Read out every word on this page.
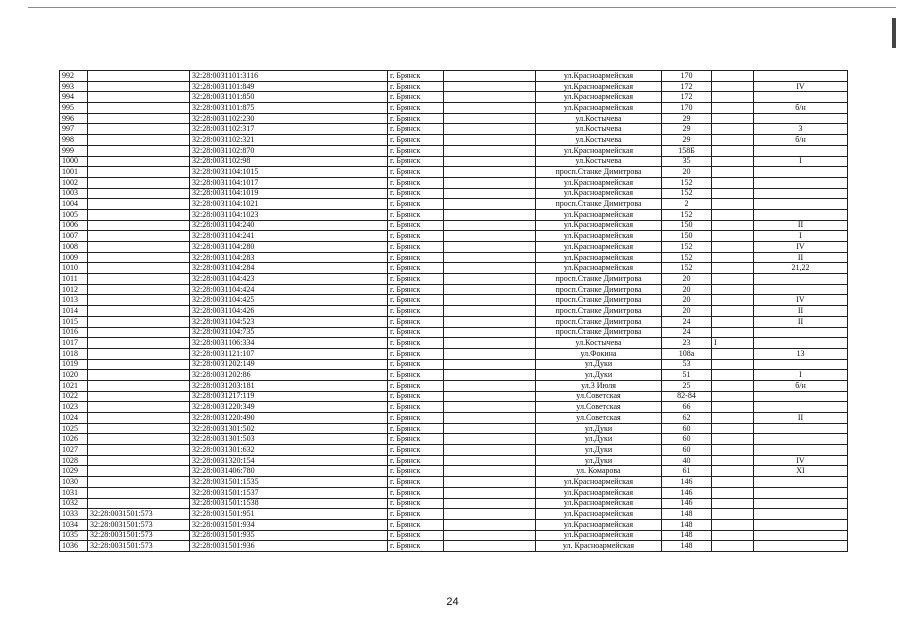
992		32:28:0031101:3116	г. Брянск		ул.Красноармейская	170		
993		32:28:0031101:849	г. Брянск		ул.Красноармейская	172		IV
994		32:28:0031101:850	г. Брянск		ул.Красноармейская	172		
995		32:28:0031101:875	г. Брянск		ул.Красноармейская	170		б/н
996		32:28:0031102:230	г. Брянск		ул.Костычева	29		
997		32:28:0031102:317	г. Брянск		ул.Костычева	29		3
998		32:28:0031102:321	г. Брянск		ул.Костычева	29		б/н
999		32:28:0031102:870	г. Брянск		ул.Красноармейская	158Б		
1000		32:28:0031102:98	г. Брянск		ул.Костычева	35		I
1001		32:28:0031104:1015	г. Брянск		просп.Станке Димитрова	20		
1002		32:28:0031104:1017	г. Брянск		ул.Красноармейская	152		
1003		32:28:0031104:1019	г. Брянск		ул.Красноармейская	152		
1004		32:28:0031104:1021	г. Брянск		просп.Станке Димитрова	2		
1005		32:28:0031104:1023	г. Брянск		ул.Красноармейская	152		
1006		32:28:0031104:240	г. Брянск		ул.Красноармейская	150		II
1007		32:28:0031104:241	г. Брянск		ул.Красноармейская	150		I
1008		32:28:0031104:280	г. Брянск		ул.Красноармейская	152		IV
1009		32:28:0031104:283	г. Брянск		ул.Красноармейская	152		II
1010		32:28:0031104:284	г. Брянск		ул.Красноармейская	152		21,22
1011		32:28:0031104:423	г. Брянск		просп.Станке Димитрова	20		
1012		32:28:0031104:424	г. Брянск		просп.Станке Димитрова	20		
1013		32:28:0031104:425	г. Брянск		просп.Станке Димитрова	20		IV
1014		32:28:0031104:426	г. Брянск		просп.Станке Димитрова	20		II
1015		32:28:0031104:523	г. Брянск		просп.Станке Димитрова	24		II
1016		32:28:0031104:735	г. Брянск		просп.Станке Димитрова	24		
1017		32:28:0031106:334	г. Брянск		ул.Костычева	23	I	
1018		32:28:0031121:107	г. Брянск		ул.Фокина	108а		13
1019		32:28:0031202:149	г. Брянск		ул.Дуки	53		
1020		32:28:0031202:86	г. Брянск		ул.Дуки	51		I
1021		32:28:0031203:181	г. Брянск		ул.3 Июля	25		б/н
1022		32:28:0031217:119	г. Брянск		ул.Советская	82-84		
1023		32:28:0031220:349	г. Брянск		ул.Советская	66		
1024		32:28:0031220:490	г. Брянск		ул.Советская	62		II
1025		32:28:0031301:502	г. Брянск		ул.Дуки	60		
1026		32:28:0031301:503	г. Брянск		ул.Дуки	60		
1027		32:28:0031301:632	г. Брянск		ул.Дуки	60		
1028		32:28:0031320:154	г. Брянск		ул.Дуки	40		IV
1029		32:28:0031406:780	г. Брянск		ул. Комарова	61		XI
1030		32:28:0031501:1535	г. Брянск		ул.Красноармейская	146		
1031		32:28:0031501:1537	г. Брянск		ул.Красноармейская	146		
1032		32:28:0031501:1538	г. Брянск		ул.Красноармейская	146		
1033	32:28:0031501:573	32:28:0031501:951	г. Брянск		ул.Красноармейская	148		
1034	32:28:0031501:573	32:28:0031501:934	г. Брянск		ул.Красноармейская	148		
1035	32:28:0031501:573	32:28:0031501:935	г. Брянск		ул.Красноармейская	148		
1036	32:28:0031501:573	32:28:0031501:936	г. Брянск		ул. Красноармейская	148		
24
